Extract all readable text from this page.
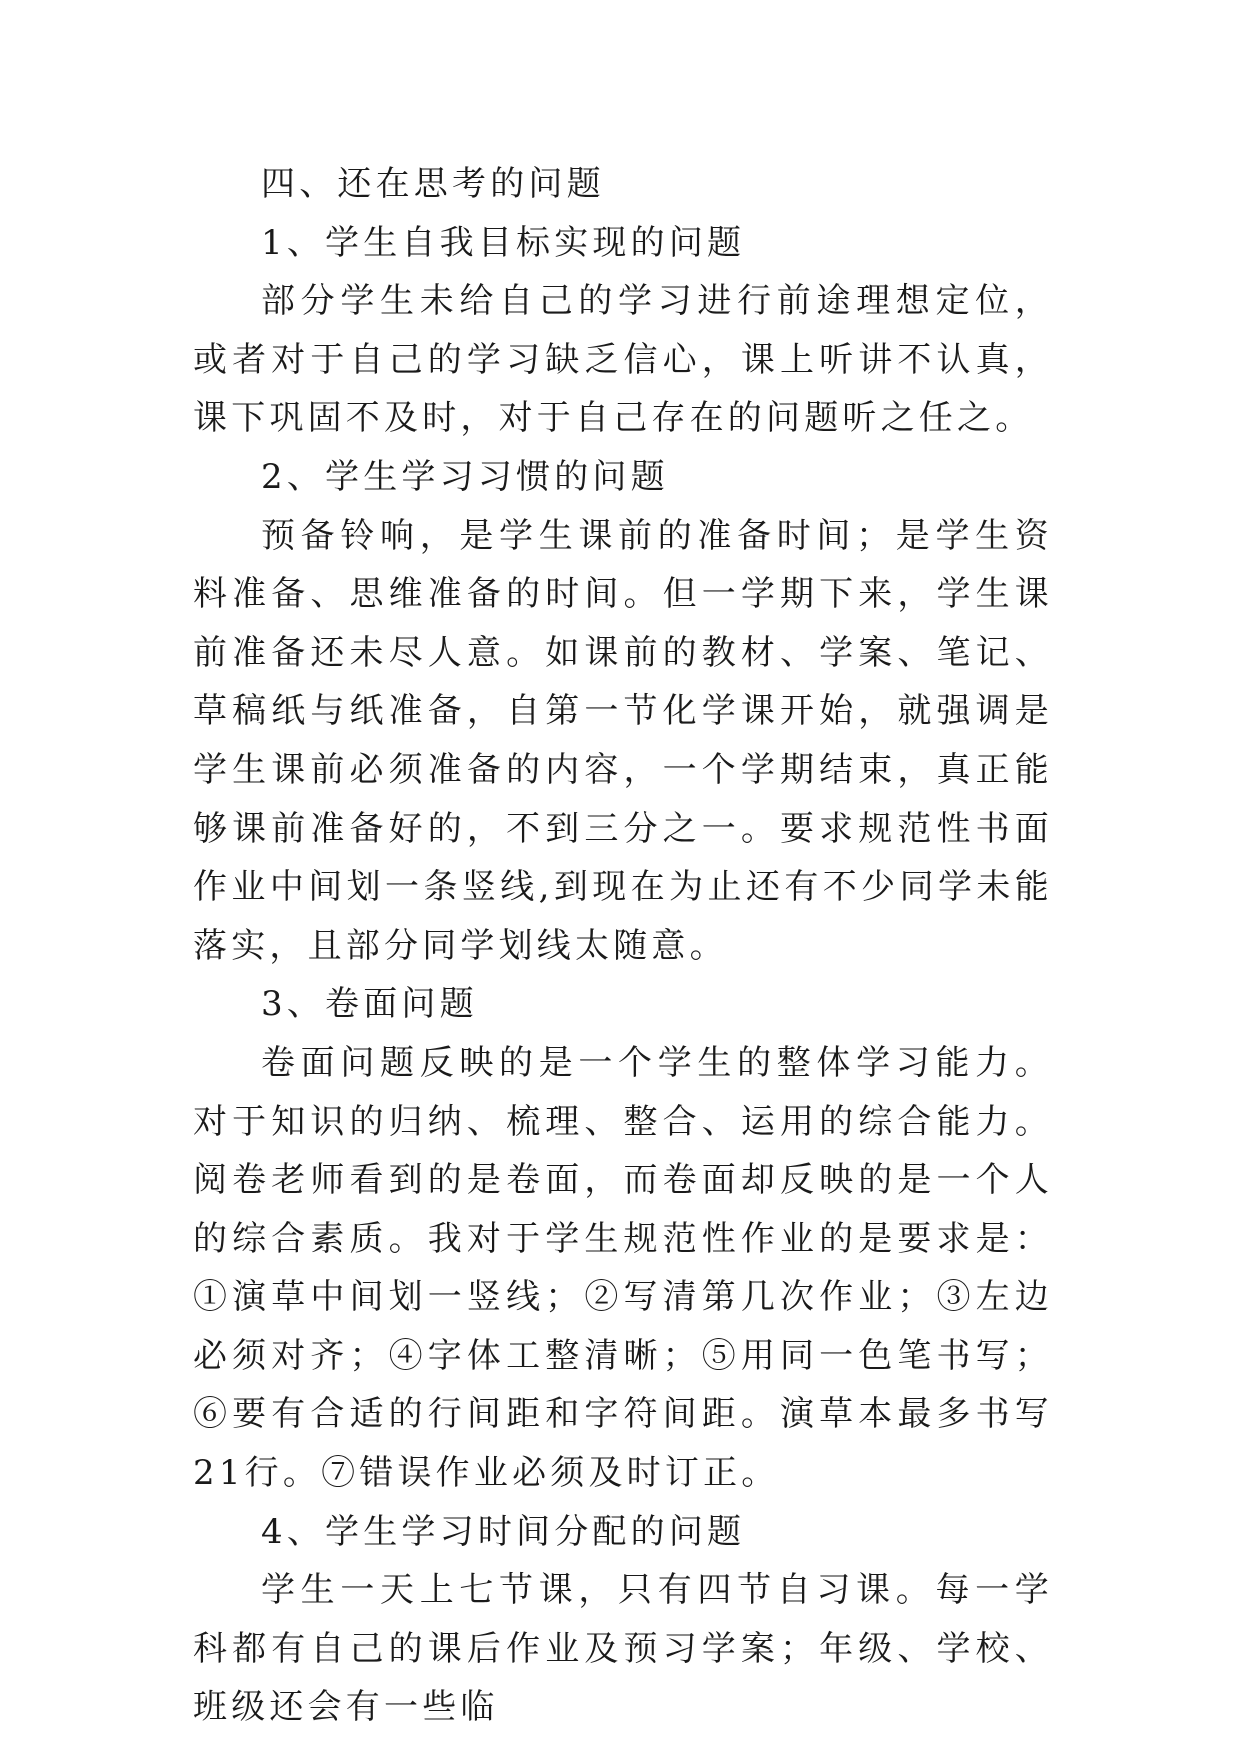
四、还在思考的问题

1、学生自我目标实现的问题

部分学生未给自己的学习进行前途理想定位，或者对于自己的学习缺乏信心，课上听讲不认真，课下巩固不及时，对于自己存在的问题听之任之。

2、学生学习习惯的问题

预备铃响，是学生课前的准备时间；是学生资料准备、思维准备的时间。但一学期下来，学生课前准备还未尽人意。如课前的教材、学案、笔记、草稿纸与纸准备，自第一节化学课开始，就强调是学生课前必须准备的内容，一个学期结束，真正能够课前准备好的，不到三分之一。要求规范性书面作业中间划一条竖线,到现在为止还有不少同学未能落实，且部分同学划线太随意。

3、卷面问题

卷面问题反映的是一个学生的整体学习能力。对于知识的归纳、梳理、整合、运用的综合能力。阅卷老师看到的是卷面，而卷面却反映的是一个人的综合素质。我对于学生规范性作业的是要求是：①演草中间划一竖线；②写清第几次作业；③左边必须对齐；④字体工整清晰；⑤用同一色笔书写；⑥要有合适的行间距和字符间距。演草本最多书写21行。⑦错误作业必须及时订正。

4、学生学习时间分配的问题

学生一天上七节课，只有四节自习课。每一学科都有自己的课后作业及预习学案；年级、学校、班级还会有一些临
